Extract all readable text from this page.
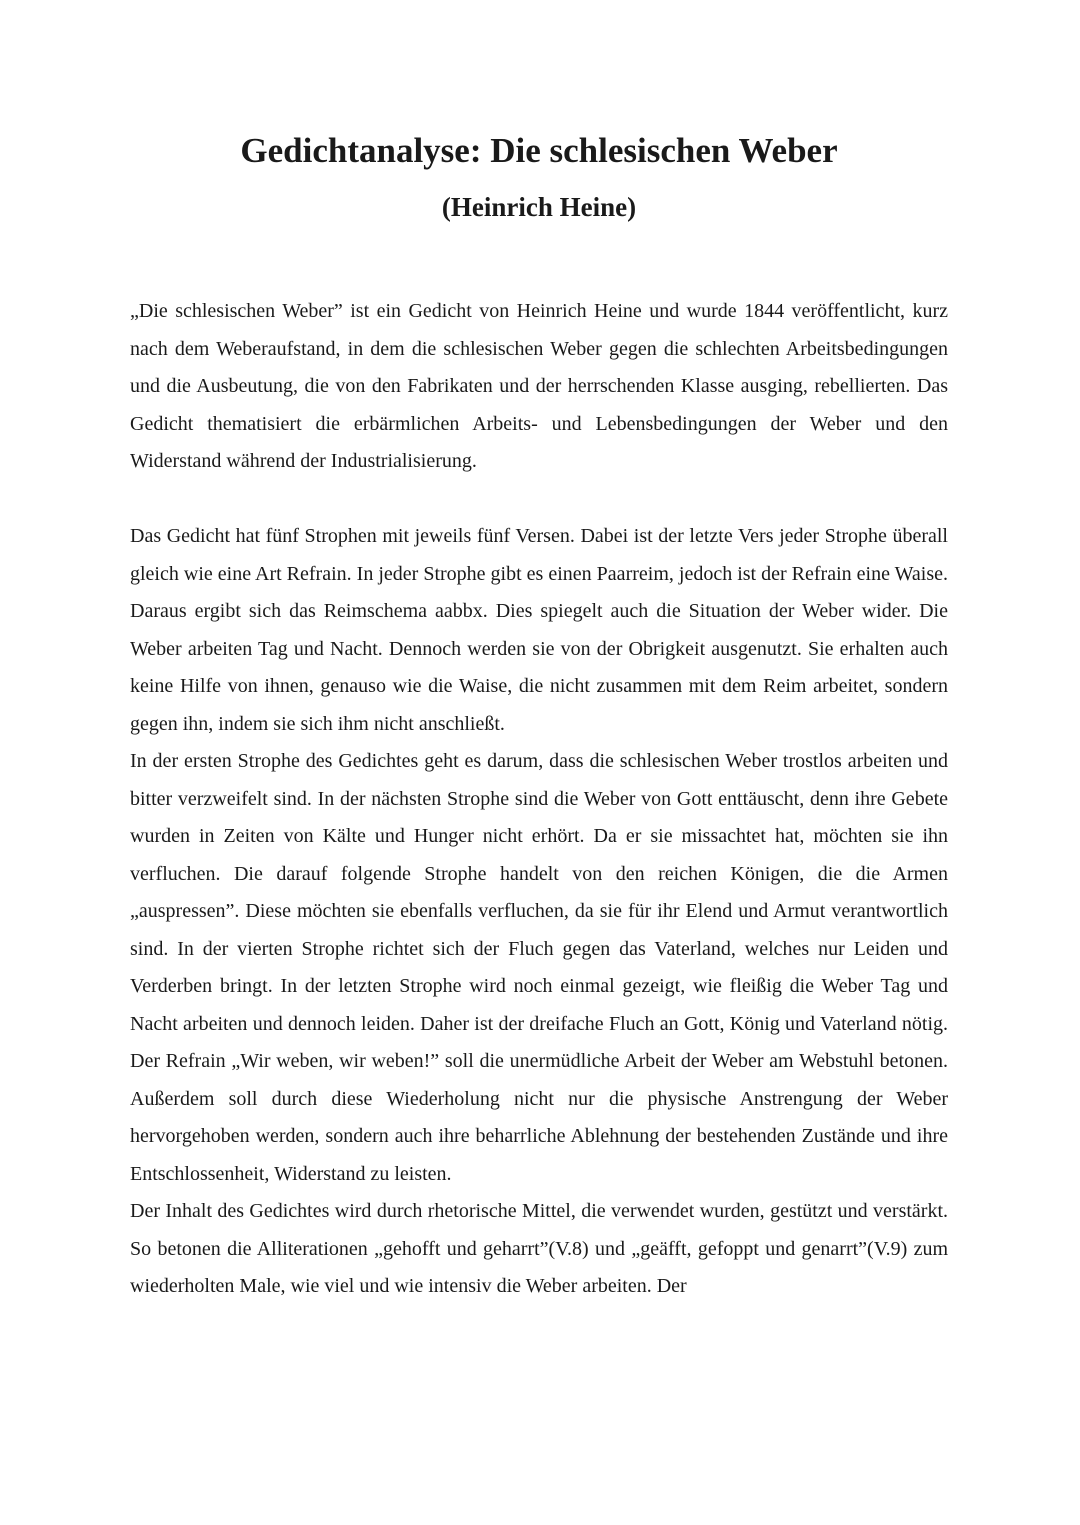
Gedichtanalyse: Die schlesischen Weber
(Heinrich Heine)

„Die schlesischen Weber” ist ein Gedicht von Heinrich Heine und wurde 1844 veröffentlicht, kurz nach dem Weberaufstand, in dem die schlesischen Weber gegen die schlechten Arbeitsbedingungen und die Ausbeutung, die von den Fabrikaten und der herrschenden Klasse ausging, rebellierten. Das Gedicht thematisiert die erbärmlichen Arbeits- und Lebensbedingungen der Weber und den Widerstand während der Industrialisierung.

Das Gedicht hat fünf Strophen mit jeweils fünf Versen. Dabei ist der letzte Vers jeder Strophe überall gleich wie eine Art Refrain. In jeder Strophe gibt es einen Paarreim, jedoch ist der Refrain eine Waise. Daraus ergibt sich das Reimschema aabbx. Dies spiegelt auch die Situation der Weber wider. Die Weber arbeiten Tag und Nacht. Dennoch werden sie von der Obrigkeit ausgenutzt. Sie erhalten auch keine Hilfe von ihnen, genauso wie die Waise, die nicht zusammen mit dem Reim arbeitet, sondern gegen ihn, indem sie sich ihm nicht anschließt.

In der ersten Strophe des Gedichtes geht es darum, dass die schlesischen Weber trostlos arbeiten und bitter verzweifelt sind. In der nächsten Strophe sind die Weber von Gott enttäuscht, denn ihre Gebete wurden in Zeiten von Kälte und Hunger nicht erhört. Da er sie missachtet hat, möchten sie ihn verfluchen. Die darauf folgende Strophe handelt von den reichen Königen, die die Armen „auspressen”. Diese möchten sie ebenfalls verfluchen, da sie für ihr Elend und Armut verantwortlich sind. In der vierten Strophe richtet sich der Fluch gegen das Vaterland, welches nur Leiden und Verderben bringt. In der letzten Strophe wird noch einmal gezeigt, wie fleißig die Weber Tag und Nacht arbeiten und dennoch leiden. Daher ist der dreifache Fluch an Gott, König und Vaterland nötig. Der Refrain „Wir weben, wir weben!” soll die unermüdliche Arbeit der Weber am Webstuhl betonen. Außerdem soll durch diese Wiederholung nicht nur die physische Anstrengung der Weber hervorgehoben werden, sondern auch ihre beharrliche Ablehnung der bestehenden Zustände und ihre Entschlossenheit, Widerstand zu leisten.

Der Inhalt des Gedichtes wird durch rhetorische Mittel, die verwendet wurden, gestützt und verstärkt. So betonen die Alliterationen „gehofft und geharrt”(V.8) und „geäfft, gefoppt und genarrt”(V.9) zum wiederholten Male, wie viel und wie intensiv die Weber arbeiten. Der
